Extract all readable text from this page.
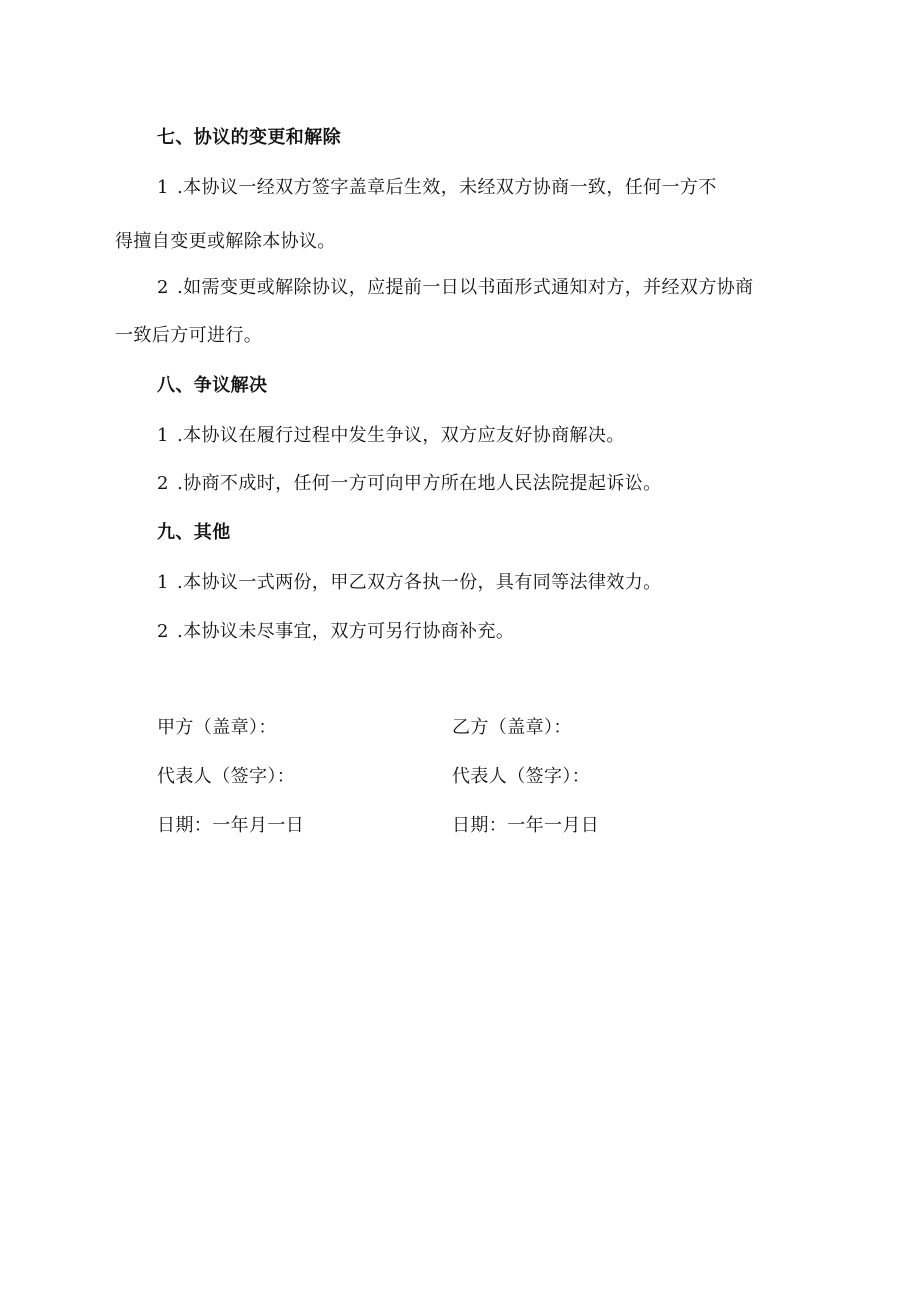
七、协议的变更和解除
1 .本协议一经双方签字盖章后生效，未经双方协商一致，任何一方不
得擅自变更或解除本协议。
2 .如需变更或解除协议，应提前一日以书面形式通知对方，并经双方协商
一致后方可进行。
八、争议解决
1 .本协议在履行过程中发生争议，双方应友好协商解决。
2 .协商不成时，任何一方可向甲方所在地人民法院提起诉讼。
九、其他
1 .本协议一式两份，甲乙双方各执一份，具有同等法律效力。
2 .本协议未尽事宜，双方可另行协商补充。
甲方（盖章）：
代表人（签字）：
日期：一年月一日
乙方（盖章）：
代表人（签字）：
日期：一年一月日
